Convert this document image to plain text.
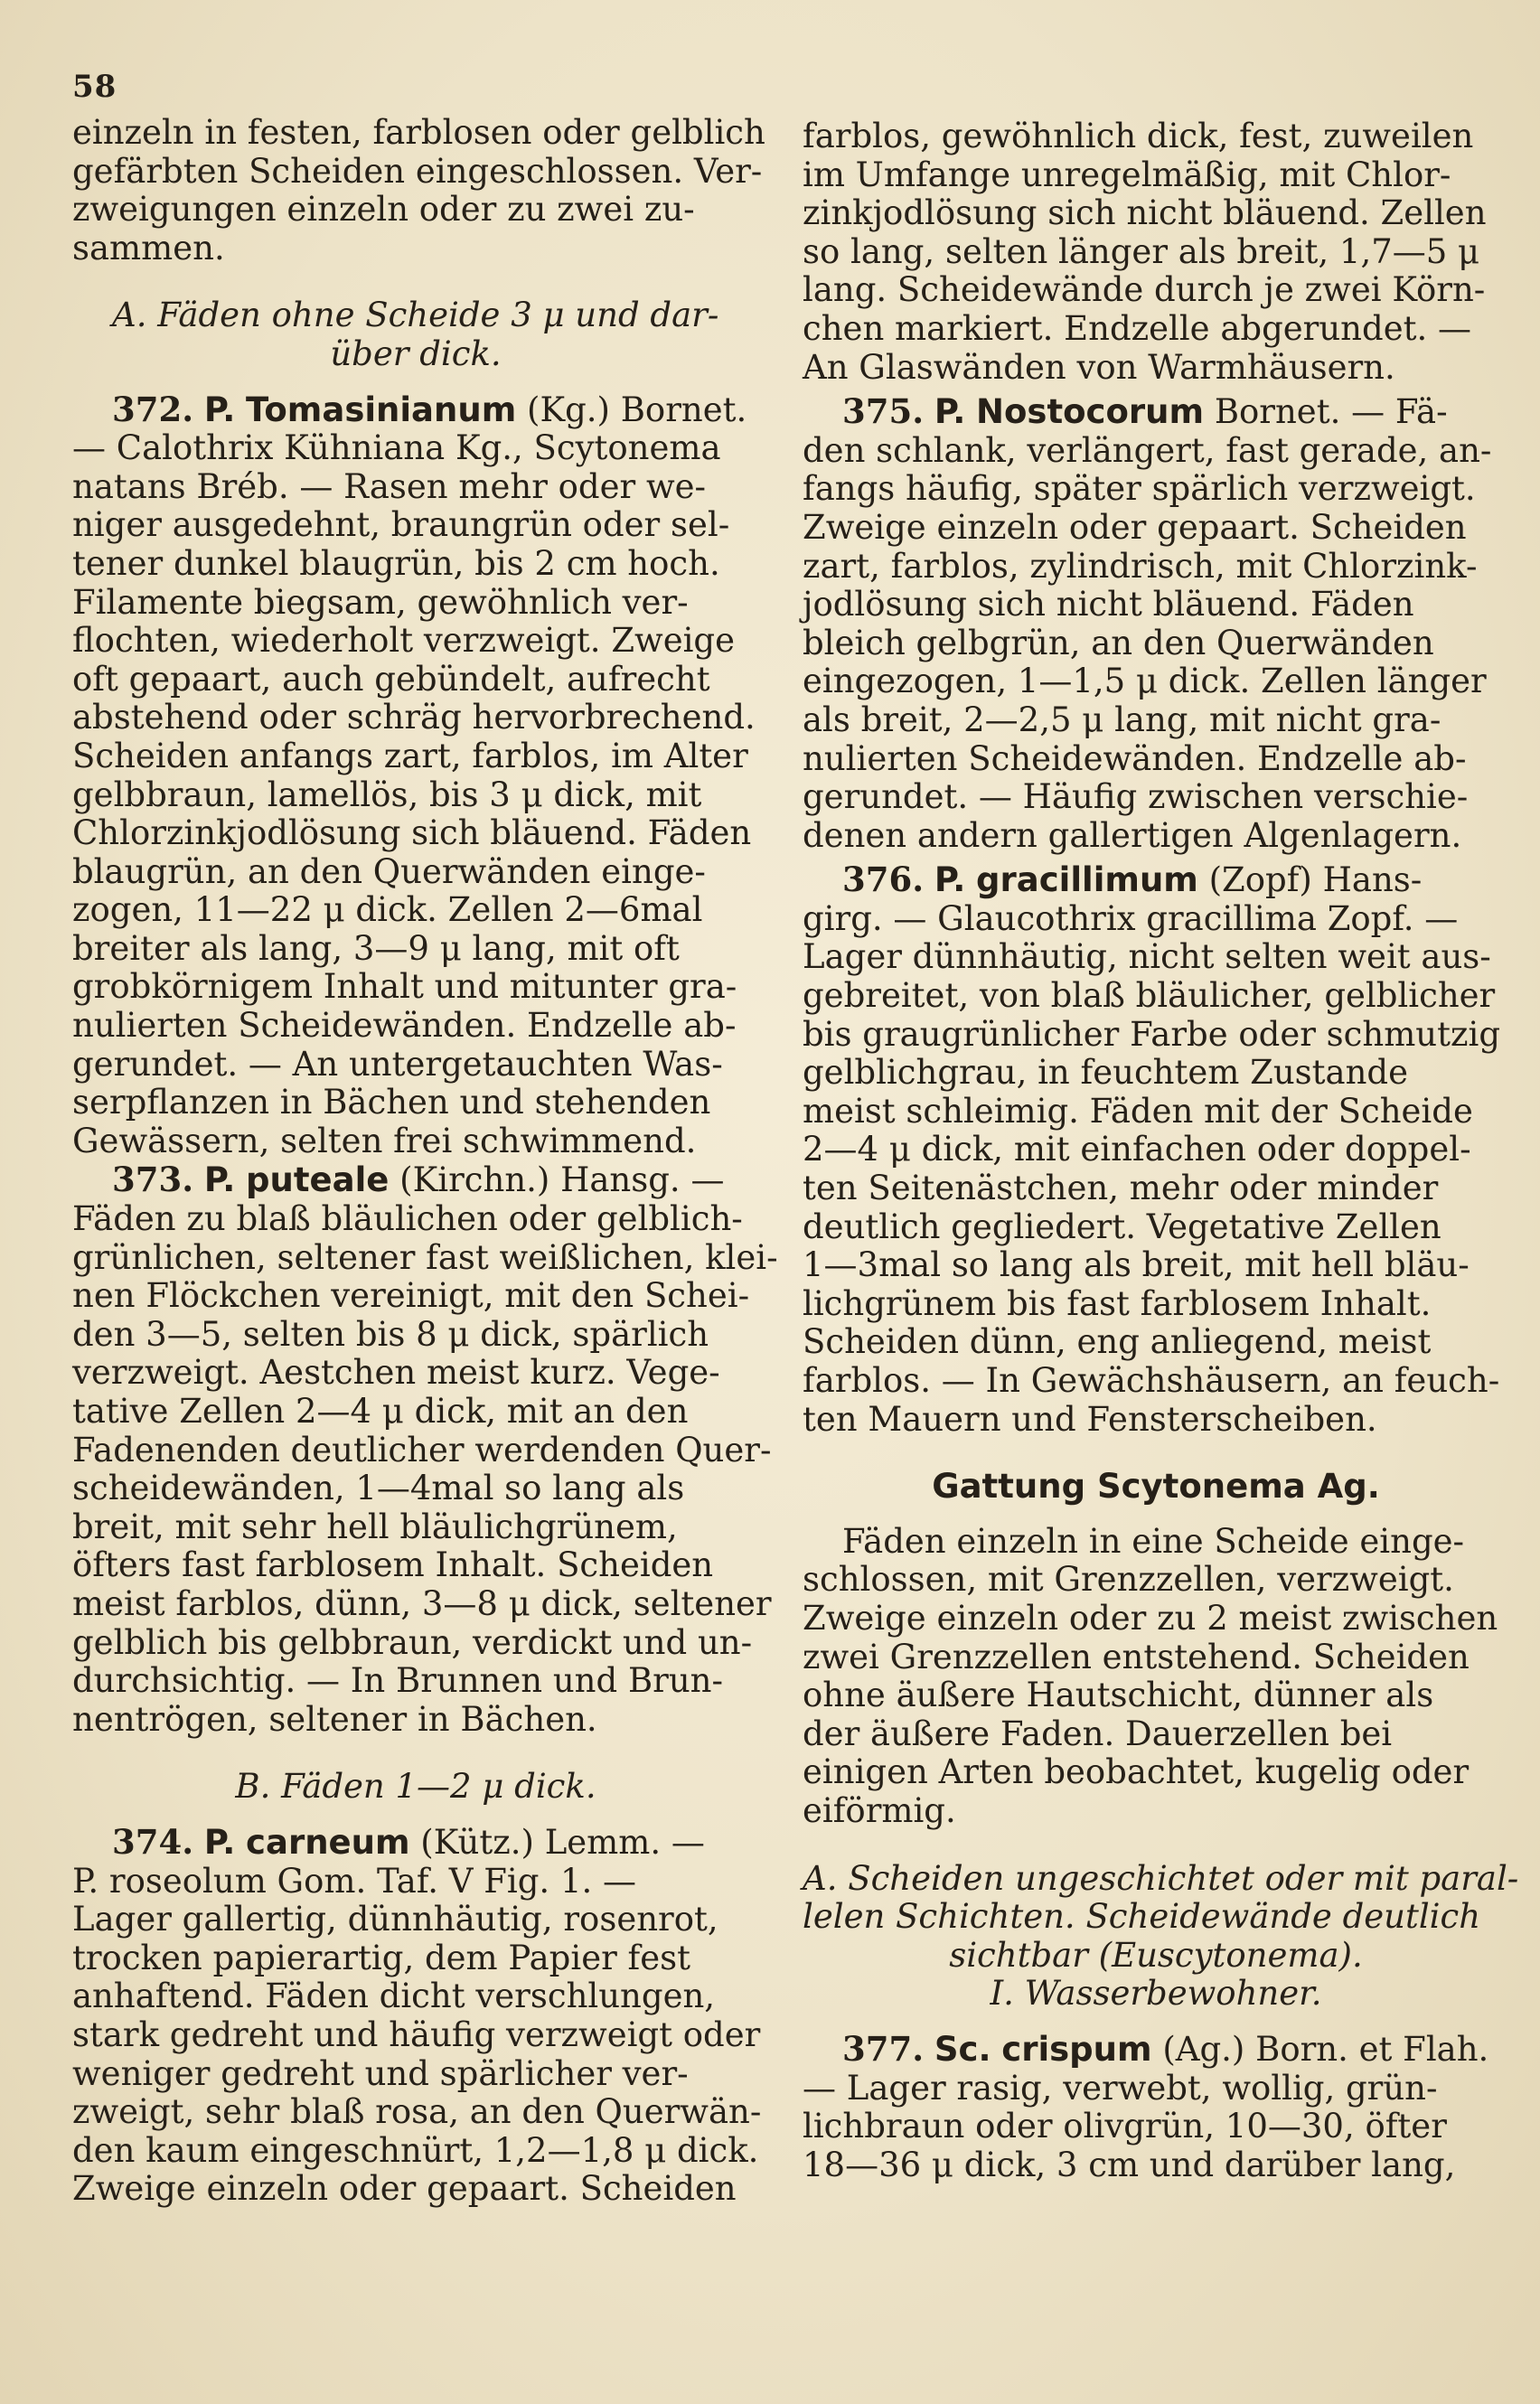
58
einzeln in festen, farblosen oder gelblich
gefärbten Scheiden eingeschlossen. Ver-
zweigungen einzeln oder zu zwei zu-
sammen.
A. Fäden ohne Scheide 3 μ und dar-
über dick.
372. P. Tomasinianum (Kg.) Bornet.
— Calothrix Kühniana Kg., Scytonema
natans Bréb. — Rasen mehr oder we-
niger ausgedehnt, braungrün oder sel-
tener dunkel blaugrün, bis 2 cm hoch.
Filamente biegsam, gewöhnlich ver-
flochten, wiederholt verzweigt. Zweige
oft gepaart, auch gebündelt, aufrecht
abstehend oder schräg hervorbrechend.
Scheiden anfangs zart, farblos, im Alter
gelbbraun, lamellös, bis 3 μ dick, mit
Chlorzinkjodlösung sich bläuend. Fäden
blaugrün, an den Querwänden einge-
zogen, 11—22 μ dick. Zellen 2—6mal
breiter als lang, 3—9 μ lang, mit oft
grobkörnigem Inhalt und mitunter gra-
nulierten Scheidewänden. Endzelle ab-
gerundet. — An untergetauchten Was-
serpflanzen in Bächen und stehenden
Gewässern, selten frei schwimmend.
373. P. puteale (Kirchn.) Hansg. —
Fäden zu blaß bläulichen oder gelblich-
grünlichen, seltener fast weißlichen, klei-
nen Flöckchen vereinigt, mit den Schei-
den 3—5, selten bis 8 μ dick, spärlich
verzweigt. Aestchen meist kurz. Vege-
tative Zellen 2—4 μ dick, mit an den
Fadenenden deutlicher werdenden Quer-
scheidewänden, 1—4mal so lang als
breit, mit sehr hell bläulichgrünem,
öfters fast farblosem Inhalt. Scheiden
meist farblos, dünn, 3—8 μ dick, seltener
gelblich bis gelbbraun, verdickt und un-
durchsichtig. — In Brunnen und Brun-
nentrögen, seltener in Bächen.
B. Fäden 1—2 μ dick.
374. P. carneum (Kütz.) Lemm. —
P. roseolum Gom. Taf. V Fig. 1. —
Lager gallertig, dünnhäutig, rosenrot,
trocken papierartig, dem Papier fest
anhaftend. Fäden dicht verschlungen,
stark gedreht und häufig verzweigt oder
weniger gedreht und spärlicher ver-
zweigt, sehr blaß rosa, an den Querwän-
den kaum eingeschnürt, 1,2—1,8 μ dick.
Zweige einzeln oder gepaart. Scheiden
farblos, gewöhnlich dick, fest, zuweilen
im Umfange unregelmäßig, mit Chlor-
zinkjodlösung sich nicht bläuend. Zellen
so lang, selten länger als breit, 1,7—5 μ
lang. Scheidewände durch je zwei Körn-
chen markiert. Endzelle abgerundet. —
An Glaswänden von Warmhäusern.
375. P. Nostocorum Bornet. — Fä-
den schlank, verlängert, fast gerade, an-
fangs häufig, später spärlich verzweigt.
Zweige einzeln oder gepaart. Scheiden
zart, farblos, zylindrisch, mit Chlorzink-
jodlösung sich nicht bläuend. Fäden
bleich gelbgrün, an den Querwänden
eingezogen, 1—1,5 μ dick. Zellen länger
als breit, 2—2,5 μ lang, mit nicht gra-
nulierten Scheidewänden. Endzelle ab-
gerundet. — Häufig zwischen verschie-
denen andern gallertigen Algenlagern.
376. P. gracillimum (Zopf) Hans-
girg. — Glaucothrix gracillima Zopf. —
Lager dünnhäutig, nicht selten weit aus-
gebreitet, von blaß bläulicher, gelblicher
bis graugrünlicher Farbe oder schmutzig
gelblichgrau, in feuchtem Zustande
meist schleimig. Fäden mit der Scheide
2—4 μ dick, mit einfachen oder doppel-
ten Seitenästchen, mehr oder minder
deutlich gegliedert. Vegetative Zellen
1—3mal so lang als breit, mit hell bläu-
lichgrünem bis fast farblosem Inhalt.
Scheiden dünn, eng anliegend, meist
farblos. — In Gewächshäusern, an feuch-
ten Mauern und Fensterscheiben.
Gattung Scytonema Ag.
Fäden einzeln in eine Scheide einge-
schlossen, mit Grenzzellen, verzweigt.
Zweige einzeln oder zu 2 meist zwischen
zwei Grenzzellen entstehend. Scheiden
ohne äußere Hautschicht, dünner als
der äußere Faden. Dauerzellen bei
einigen Arten beobachtet, kugelig oder
eiförmig.
A. Scheiden ungeschichtet oder mit paral-
lelen Schichten. Scheidewände deutlich
sichtbar (Euscytonema).
I. Wasserbewohner.
377. Sc. crispum (Ag.) Born. et Flah.
— Lager rasig, verwebt, wollig, grün-
lichbraun oder olivgrün, 10—30, öfter
18—36 μ dick, 3 cm und darüber lang,
